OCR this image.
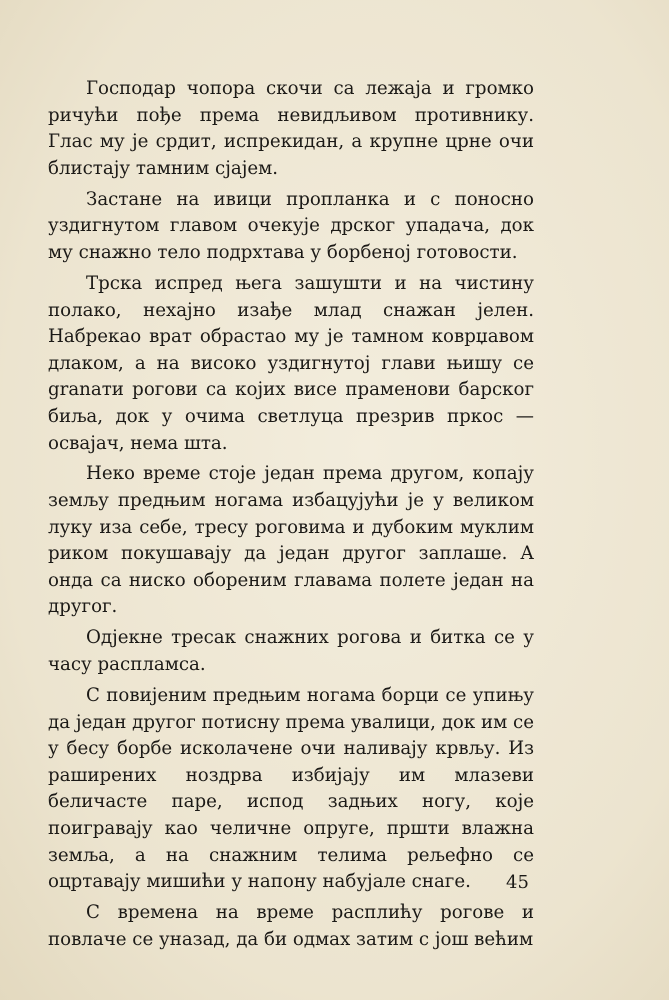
Господар чопора скочи са лежаја и громко ричући пође према невидљивом противнику. Глас му је срдит, испрекидан, а крупне црне очи блистају тамним сјајем.

Застане на ивици пропланка и с поносно уздигнутом главом очекује дрског упадача, док му снажно тело подрхтава у борбеној готовости.

Трска испред њега зашушти и на чистину полако, нехајно изађе млад снажан јелен. Набрекао врат обрастао му је тамном коврџавом длаком, а на високо уздигнутој глави њишу се granати рогови са којих висе праменови барског биља, док у очима светлуца презрив пркос — освајач, нема шта.

Неко време стоје један према другом, копају земљу предњим ногама избацујући је у великом луку иза себе, тресу роговима и дубоким муклим риком покушавају да један другог заплаше. А онда са ниско обореним главама полете један на другог.

Одјекне тресак снажних рогова и битка се у часу распламса.

С повијеним предњим ногама борци се упињу да један другог потисну према увалици, док им се у бесу борбе исколачене очи наливају крвљу. Из раширених ноздрва избијају им млазеви беличасте паре, испод задњих ногу, које поигравају као челичне опруге, пршти влажна земља, а на снажним телима рељефно се оцртавају мишићи у напону набујале снаге.

С времена на време расплићу рогове и повлаче се уназад, да би одмах затим с још већим

45
